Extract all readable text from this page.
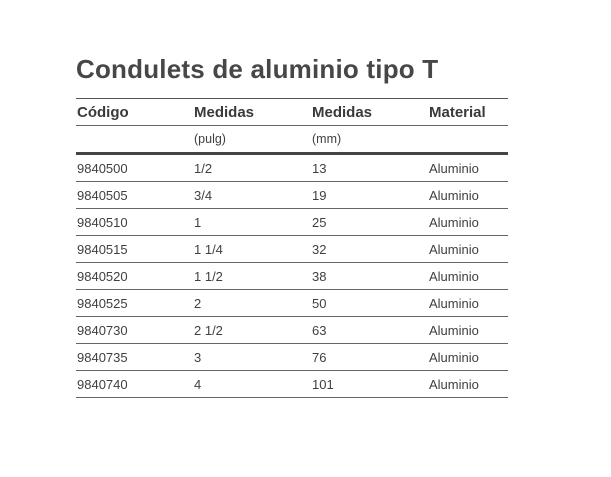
Condulets de aluminio tipo T
Código	Medidas	Medidas	Material
	(pulg)	(mm)	
9840500	1/2	13	Aluminio
9840505	3/4	19	Aluminio
9840510	1	25	Aluminio
9840515	1 1/4	32	Aluminio
9840520	1 1/2	38	Aluminio
9840525	2	50	Aluminio
9840730	2 1/2	63	Aluminio
9840735	3	76	Aluminio
9840740	4	101	Aluminio
